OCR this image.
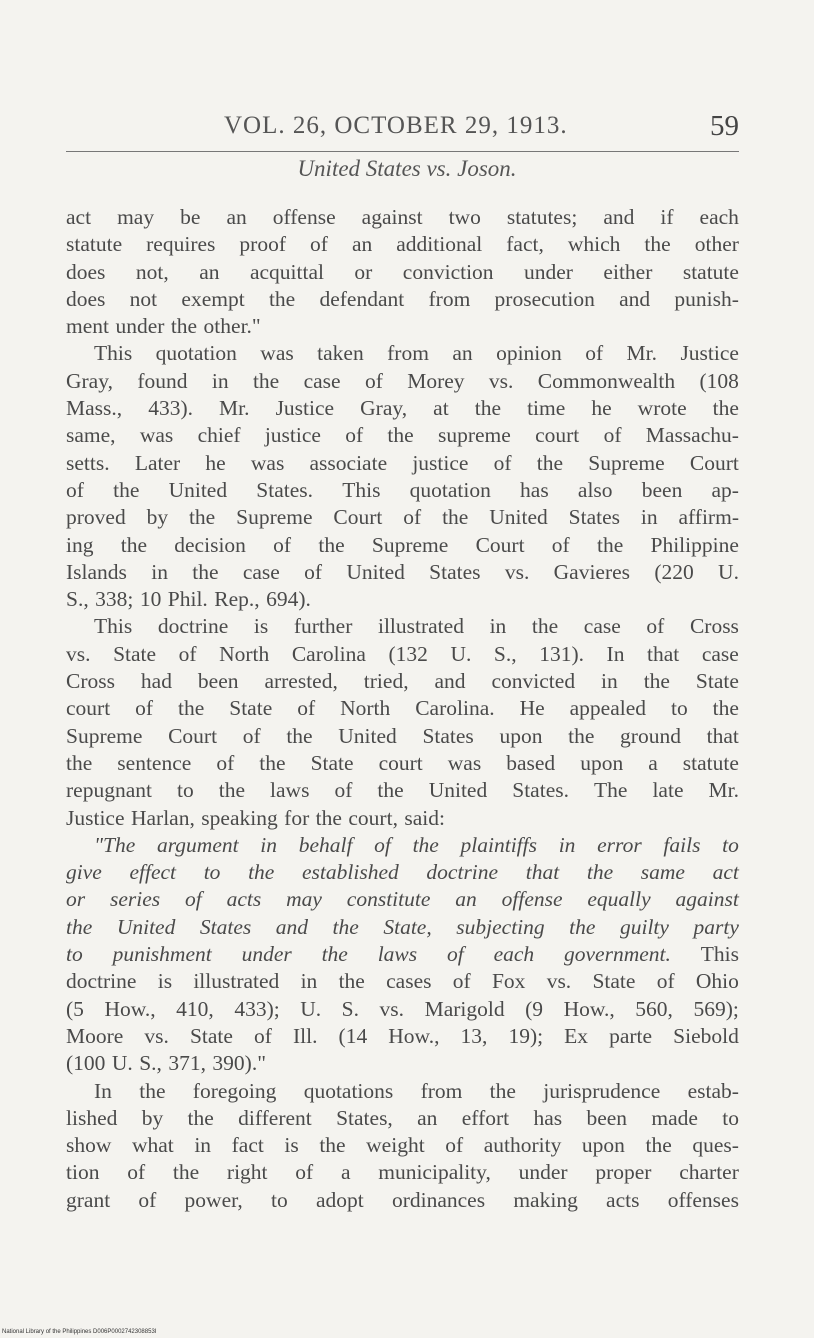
VOL. 26, OCTOBER 29, 1913.	59
United States vs. Joson.
act may be an offense against two statutes; and if each
statute requires proof of an additional fact, which the other
does not, an acquittal or conviction under either statute
does not exempt the defendant from prosecution and punish-
ment under the other."
This quotation was taken from an opinion of Mr. Justice
Gray, found in the case of Morey vs. Commonwealth (108
Mass., 433). Mr. Justice Gray, at the time he wrote the
same, was chief justice of the supreme court of Massachu-
setts. Later he was associate justice of the Supreme Court
of the United States. This quotation has also been ap-
proved by the Supreme Court of the United States in affirm-
ing the decision of the Supreme Court of the Philippine
Islands in the case of United States vs. Gavieres (220 U.
S., 338; 10 Phil. Rep., 694).
This doctrine is further illustrated in the case of Cross
vs. State of North Carolina (132 U. S., 131). In that case
Cross had been arrested, tried, and convicted in the State
court of the State of North Carolina. He appealed to the
Supreme Court of the United States upon the ground that
the sentence of the State court was based upon a statute
repugnant to the laws of the United States. The late Mr.
Justice Harlan, speaking for the court, said:
"The argument in behalf of the plaintiffs in error fails to
give effect to the established doctrine that the same act
or series of acts may constitute an offense equally against
the United States and the State, subjecting the guilty party
to punishment under the laws of each government. This
doctrine is illustrated in the cases of Fox vs. State of Ohio
(5 How., 410, 433); U. S. vs. Marigold (9 How., 560, 569);
Moore vs. State of Ill. (14 How., 13, 19); Ex parte Siebold
(100 U. S., 371, 390)."
In the foregoing quotations from the jurisprudence estab-
lished by the different States, an effort has been made to
show what in fact is the weight of authority upon the ques-
tion of the right of a municipality, under proper charter
grant of power, to adopt ordinances making acts offenses
National Library of the Philippines D006P0002742308853I
